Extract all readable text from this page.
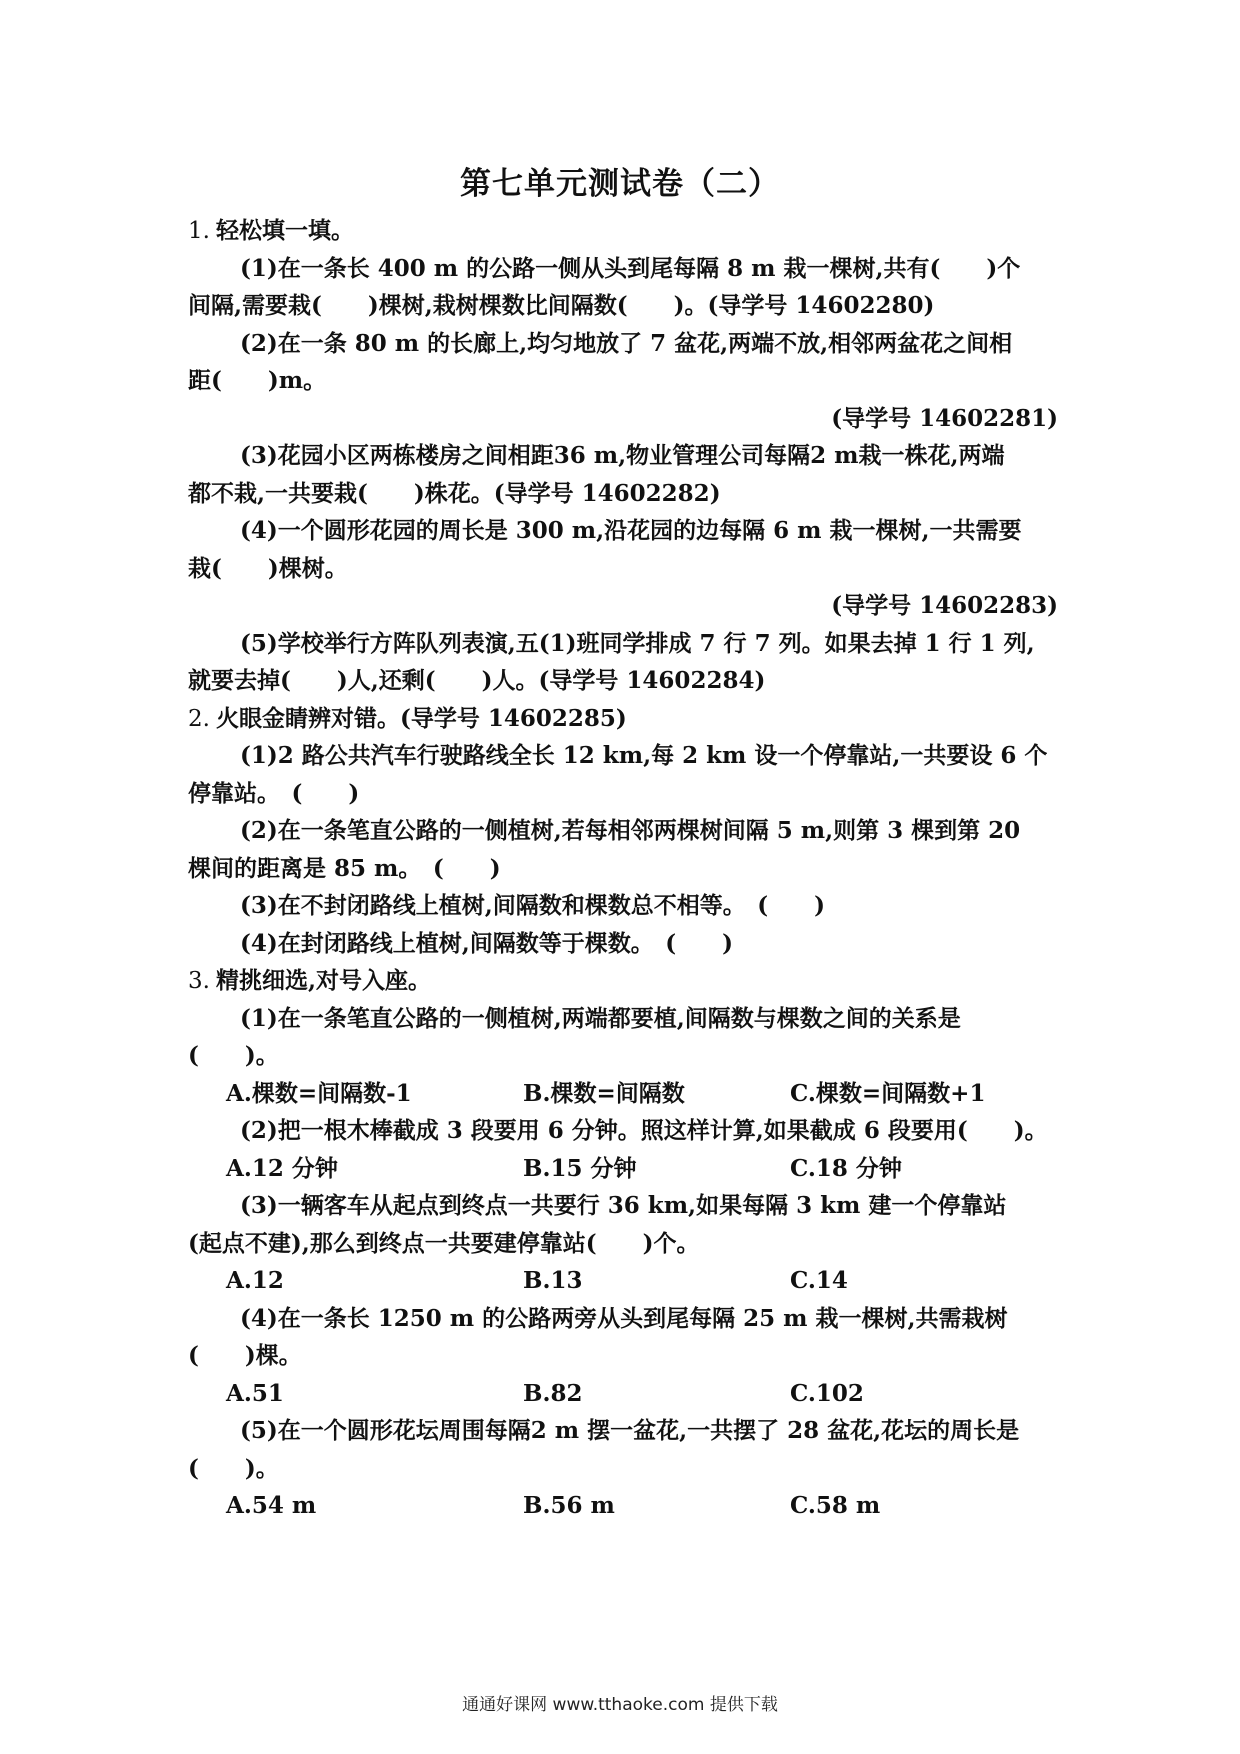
第七单元测试卷（二）
1. 轻松填一填。
(1)在一条长 400 m 的公路一侧从头到尾每隔 8 m 栽一棵树,共有(　　)个
间隔,需要栽(　　)棵树,栽树棵数比间隔数(　　)。(导学号 14602280)
(2)在一条 80 m 的长廊上,均匀地放了 7 盆花,两端不放,相邻两盆花之间相
距(　　)m。
(导学号 14602281)
(3)花园小区两栋楼房之间相距36 m,物业管理公司每隔2 m栽一株花,两端
都不栽,一共要栽(　　)株花。(导学号 14602282)
(4)一个圆形花园的周长是 300 m,沿花园的边每隔 6 m 栽一棵树,一共需要
栽(　　)棵树。
(导学号 14602283)
(5)学校举行方阵队列表演,五(1)班同学排成 7 行 7 列。如果去掉 1 行 1 列,
就要去掉(　　)人,还剩(　　)人。(导学号 14602284)
2. 火眼金睛辨对错。(导学号 14602285)
(1)2 路公共汽车行驶路线全长 12 km,每 2 km 设一个停靠站,一共要设 6 个
停靠站。　(　　)
(2)在一条笔直公路的一侧植树,若每相邻两棵树间隔 5 m,则第 3 棵到第 20
棵间的距离是 85 m。　(　　)
(3)在不封闭路线上植树,间隔数和棵数总不相等。　(　　)
(4)在封闭路线上植树,间隔数等于棵数。　(　　)
3. 精挑细选,对号入座。
(1)在一条笔直公路的一侧植树,两端都要植,间隔数与棵数之间的关系是
(　　)。
A.棵数=间隔数-1	B.棵数=间隔数	C.棵数=间隔数+1
(2)把一根木棒截成 3 段要用 6 分钟。照这样计算,如果截成 6 段要用(　　)。
A.12 分钟	B.15 分钟	C.18 分钟
(3)一辆客车从起点到终点一共要行 36 km,如果每隔 3 km 建一个停靠站
(起点不建),那么到终点一共要建停靠站(　　)个。
A.12	B.13	C.14
(4)在一条长 1250 m 的公路两旁从头到尾每隔 25 m 栽一棵树,共需栽树
(　　)棵。
A.51	B.82	C.102
(5)在一个圆形花坛周围每隔2 m 摆一盆花,一共摆了 28 盆花,花坛的周长是
(　　)。
A.54 m	B.56 m	C.58 m
通通好课网 www.tthaoke.com 提供下载
